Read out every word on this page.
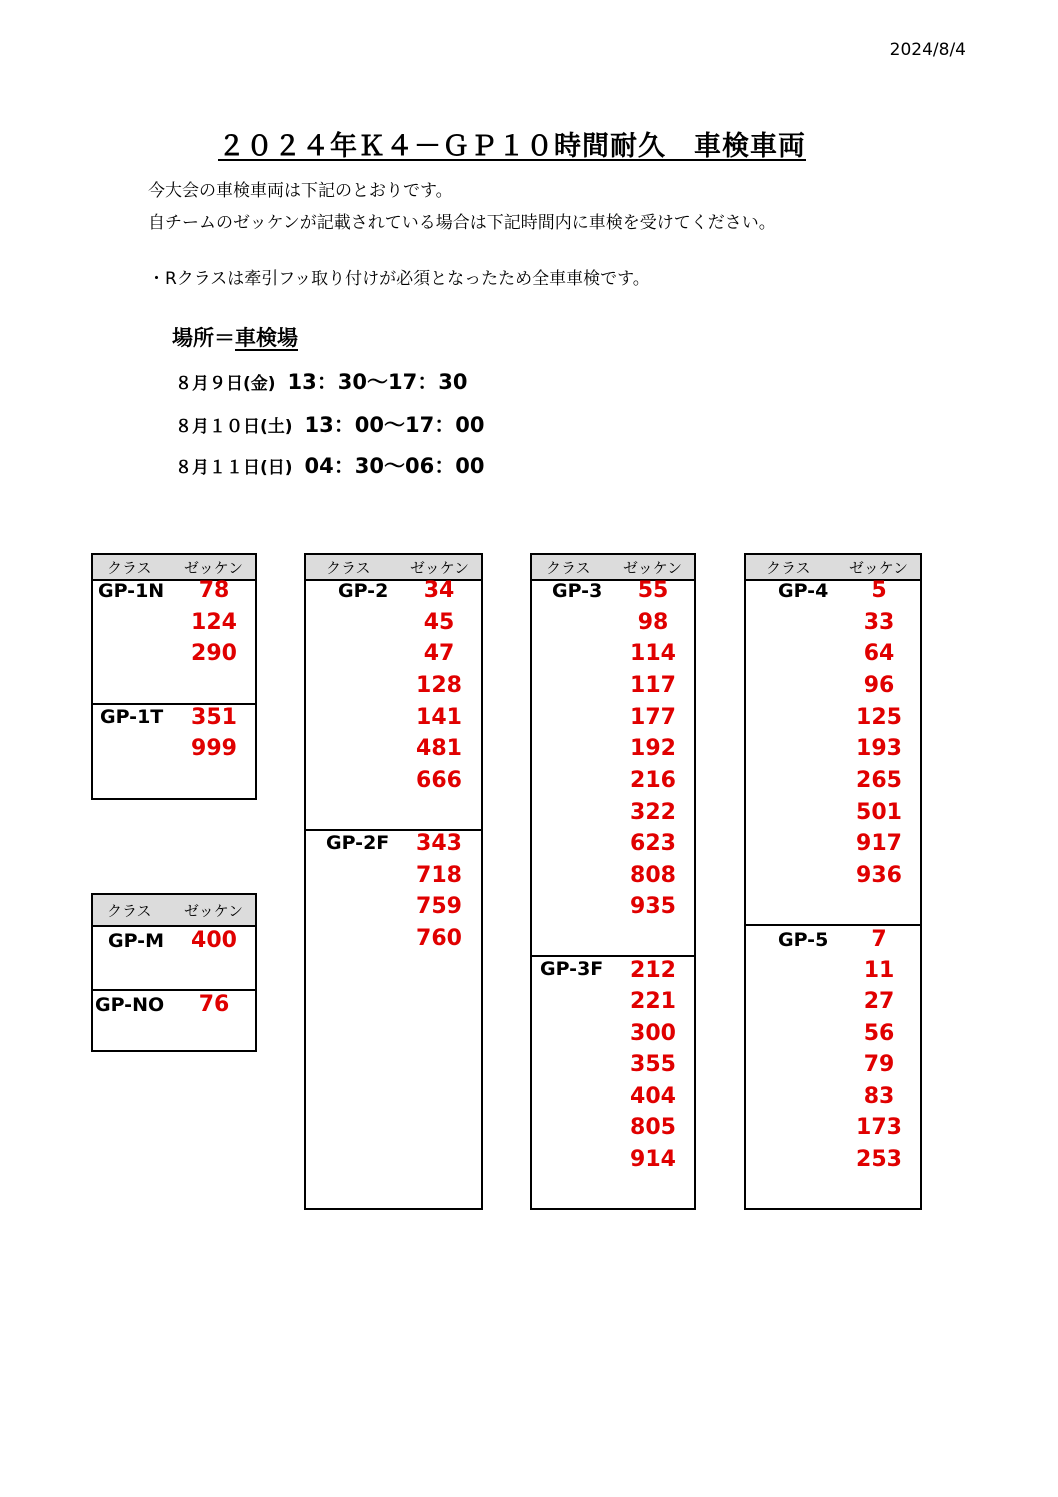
2024/8/4
２０２４年Ｋ４－ＧＰ１０時間耐久　車検車両
今大会の車検車両は下記のとおりです。
自チームのゼッケンが記載されている場合は下記時間内に車検を受けてください。
・Rクラスは牽引フッ取り付けが必須となったため全車車検です。
場所＝車検場
８月９日(金) 13：30～17：30
８月１０日(土) 13：00～17：00
８月１１日(日) 04：30～06：00
クラス ゼッケン
GP-1N	78
124
290
GP-1T	351
999
クラス ゼッケン
GP-M	400
GP-NO	76
クラス	ゼッケン
GP-2	34
45
47
128
141
481
666
GP-2F	343
718
759
760
クラス ゼッケン
GP-3	55
98
114
117
177
192
216
322
623
808
935
GP-3F	212
221
300
355
404
805
914
クラス	ゼッケン
GP-4	5
33
64
96
125
193
265
501
917
936
GP-5	7
11
27
56
79
83
173
253
